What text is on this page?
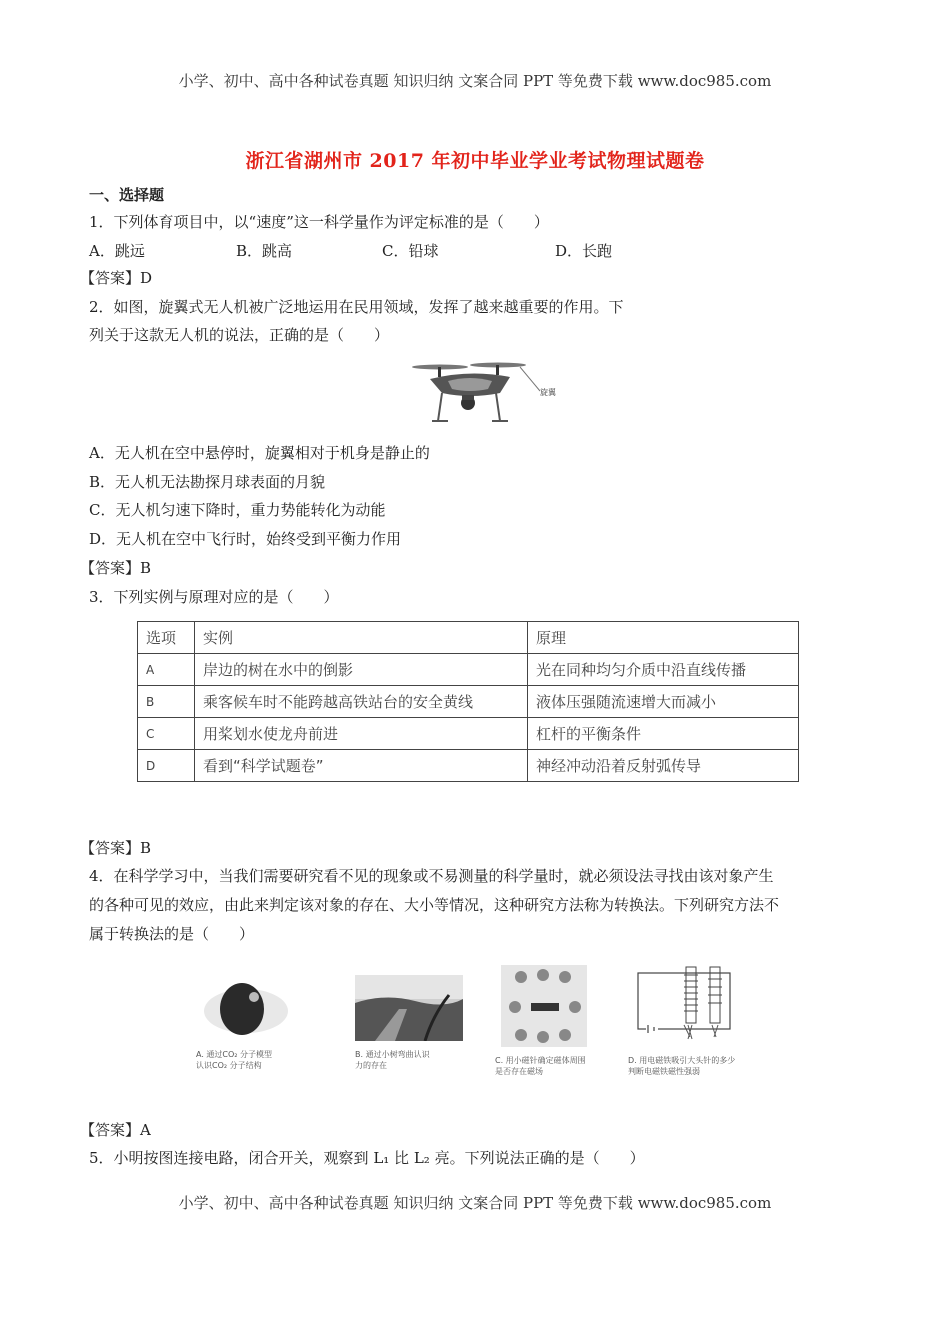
小学、初中、高中各种试卷真题 知识归纳 文案合同 PPT 等免费下载 www.doc985.com
浙江省湖州市 2017 年初中毕业学业考试物理试题卷
一、选择题
1．下列体育项目中，以“速度”这一科学量作为评定标准的是（　　）
A．跳远	B．跳高	C．铅球	D．长跑
【答案】D
2．如图，旋翼式无人机被广泛地运用在民用领域，发挥了越来越重要的作用。下
列关于这款无人机的说法，正确的是（　　）
旋翼
A．无人机在空中悬停时，旋翼相对于机身是静止的
B．无人机无法勘探月球表面的月貌
C．无人机匀速下降时，重力势能转化为动能
D．无人机在空中飞行时，始终受到平衡力作用
【答案】B
3．下列实例与原理对应的是（　　）
选项	实例	原理
A	岸边的树在水中的倒影	光在同种均匀介质中沿直线传播
B	乘客候车时不能跨越高铁站台的安全黄线	液体压强随流速增大而减小
C	用桨划水使龙舟前进	杠杆的平衡条件
D	看到“科学试题卷”	神经冲动沿着反射弧传导
【答案】B
4．在科学学习中，当我们需要研究看不见的现象或不易测量的科学量时，就必须设法寻找由该对象产生
的各种可见的效应，由此来判定该对象的存在、大小等情况，这种研究方法称为转换法。下列研究方法不
属于转换法的是（　　）
A. 通过CO₂ 分子模型
认识CO₂ 分子结构
B. 通过小树弯曲认识
力的存在
C. 用小磁针确定磁体周围
是否存在磁场
D. 用电磁铁吸引大头针的多少
判断电磁铁磁性强弱
【答案】A
5．小明按图连接电路，闭合开关，观察到 L₁ 比 L₂ 亮。下列说法正确的是（　　）
小学、初中、高中各种试卷真题 知识归纳 文案合同 PPT 等免费下载 www.doc985.com
